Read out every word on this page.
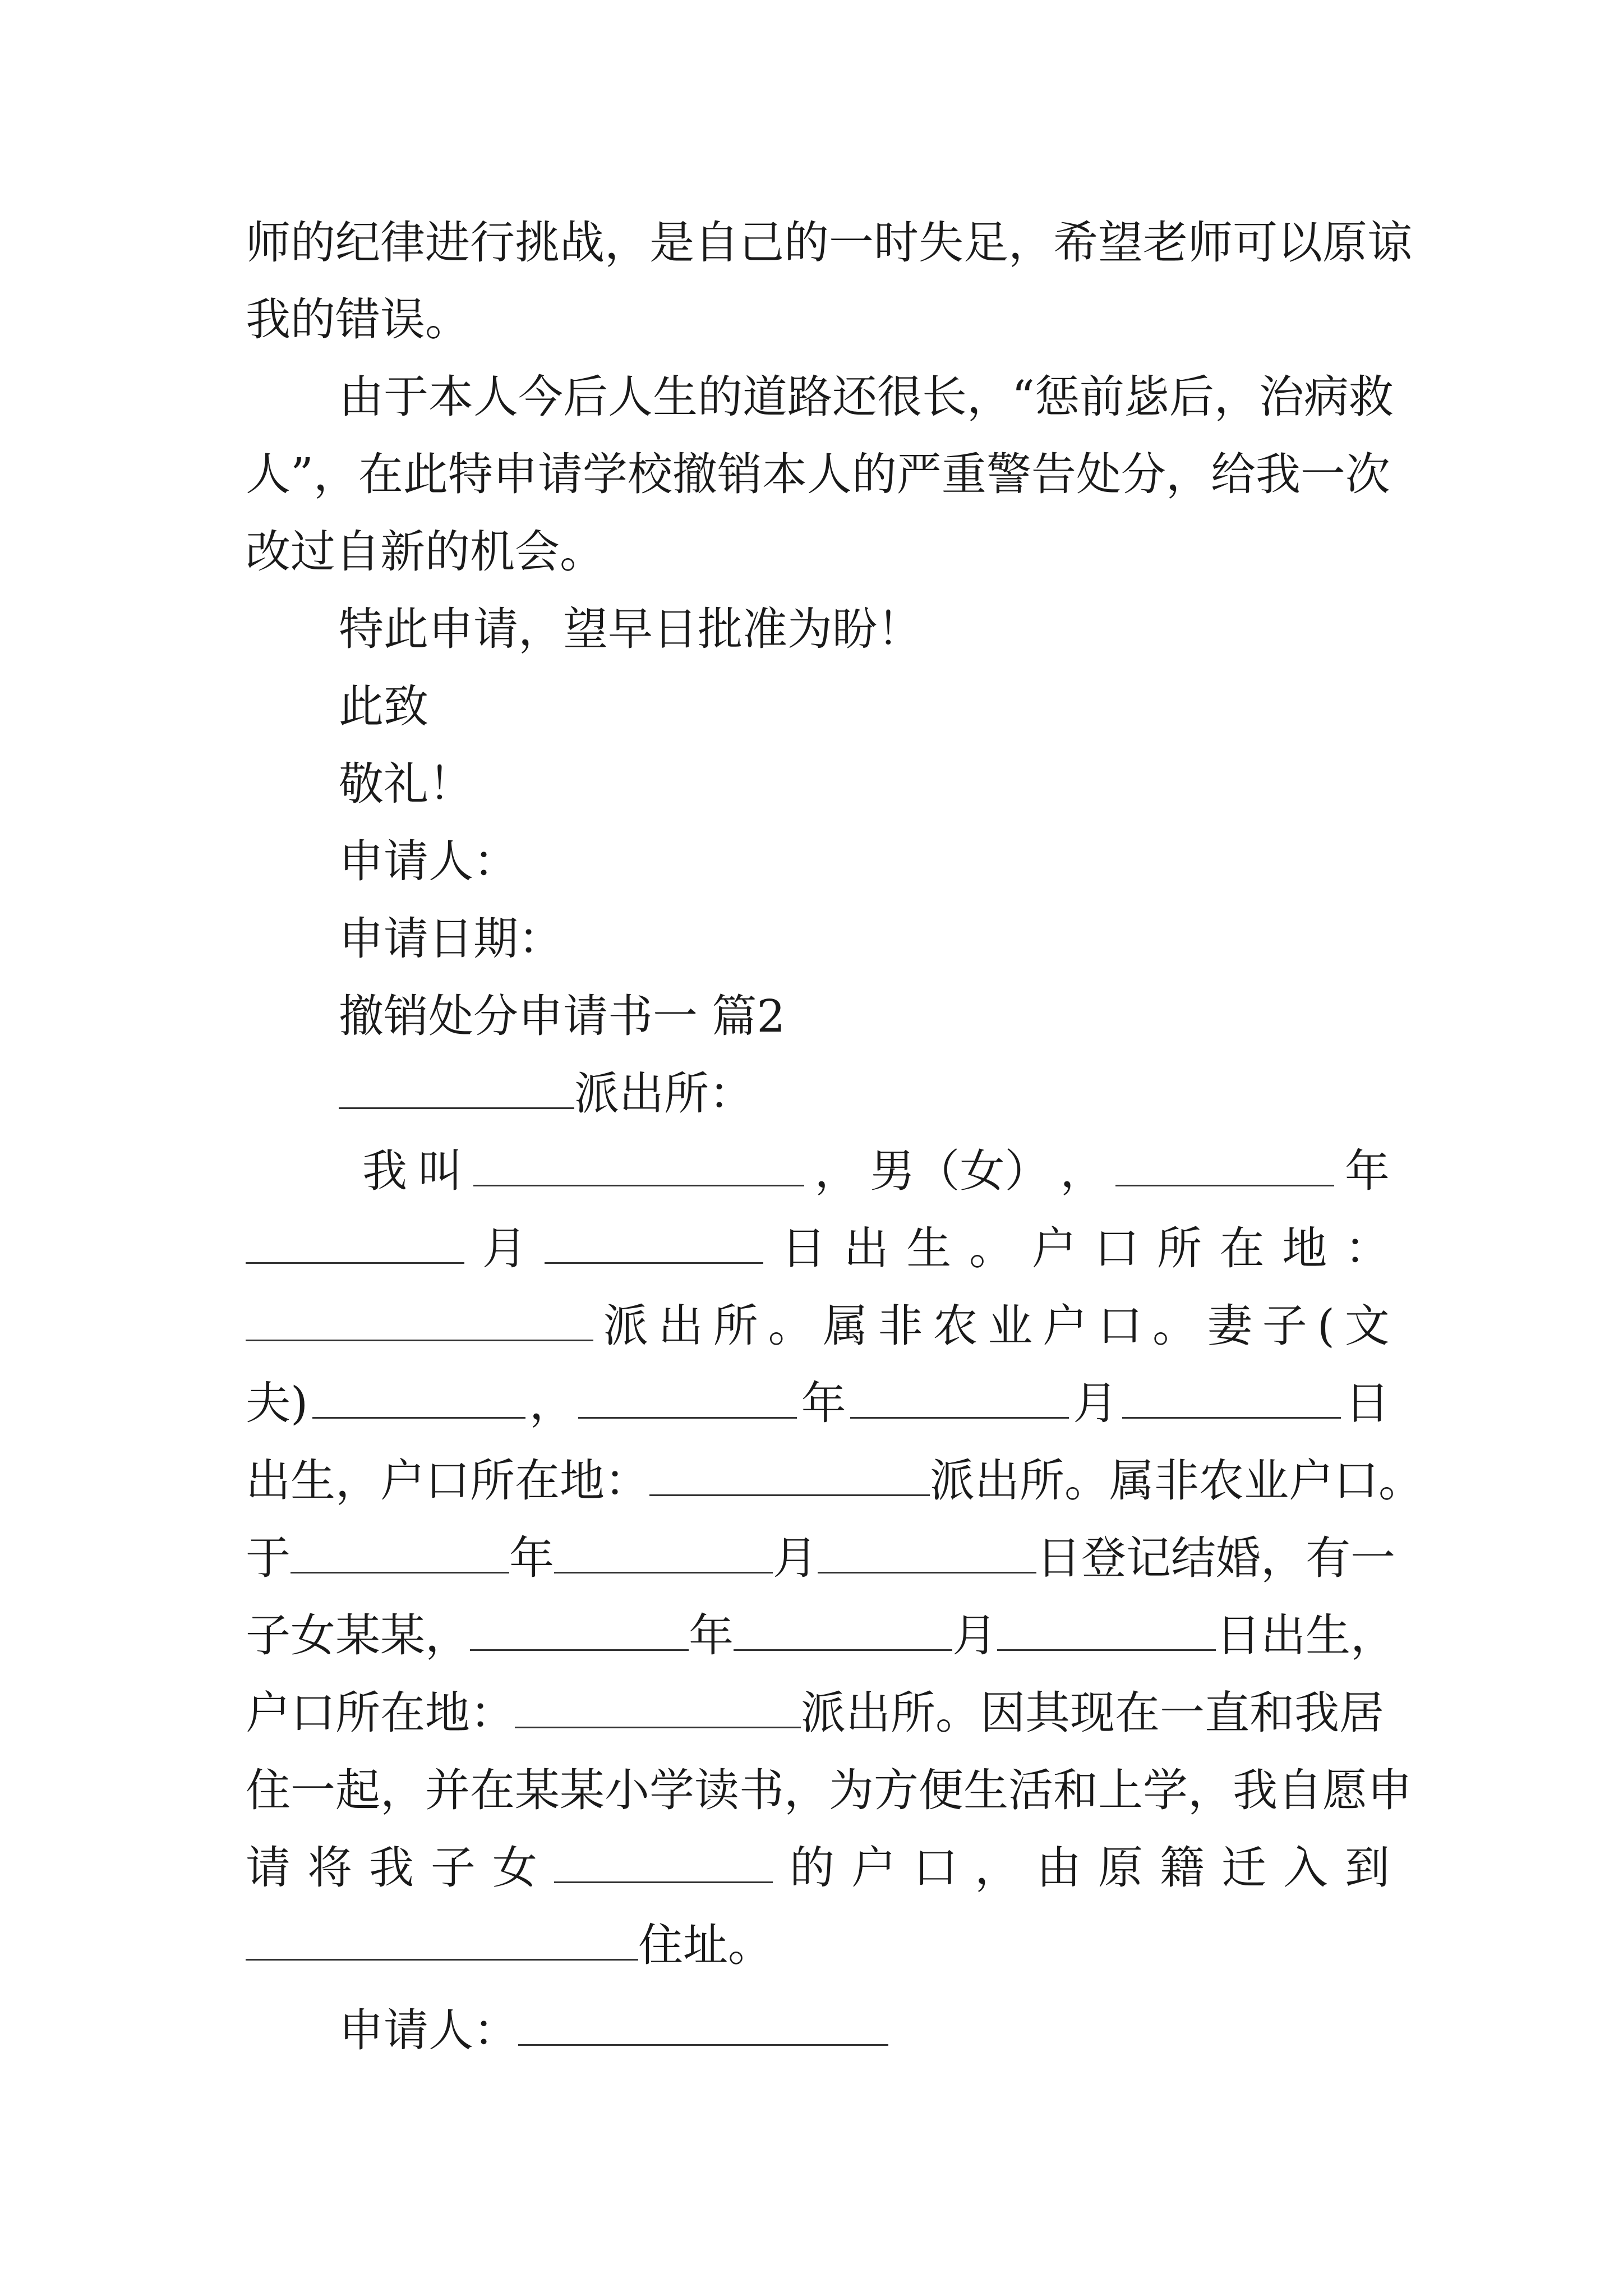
师的纪律进行挑战，是自己的一时失足，希望老师可以原谅
我的错误。
由于本人今后人生的道路还很长，“惩前毖后，治病救
人”，在此特申请学校撤销本人的严重警告处分，给我一次
改过自新的机会。
特此申请，望早日批准为盼！
此致
敬礼！
申请人：
申请日期：
撤销处分申请书一 篇2
派出所：
我 叫	， 男（女） ，	年
月	日 出 生 。 户 口 所 在 地 ：
派 出 所 。 属 非 农 业 户 口 。 妻 子 ( 文
夫)	，	年	月	日
出生，户口所在地：	派出所。属非农业户口。
于	年	月	日登记结婚，有一
子女某某，	年	月	日出生，
户口所在地：	派出所。因其现在一直和我居
住一起，并在某某小学读书，为方便生活和上学，我自愿申
请 将 我 子 女	的 户 口 ， 由 原 籍 迁 入 到
住址。
申请人：
